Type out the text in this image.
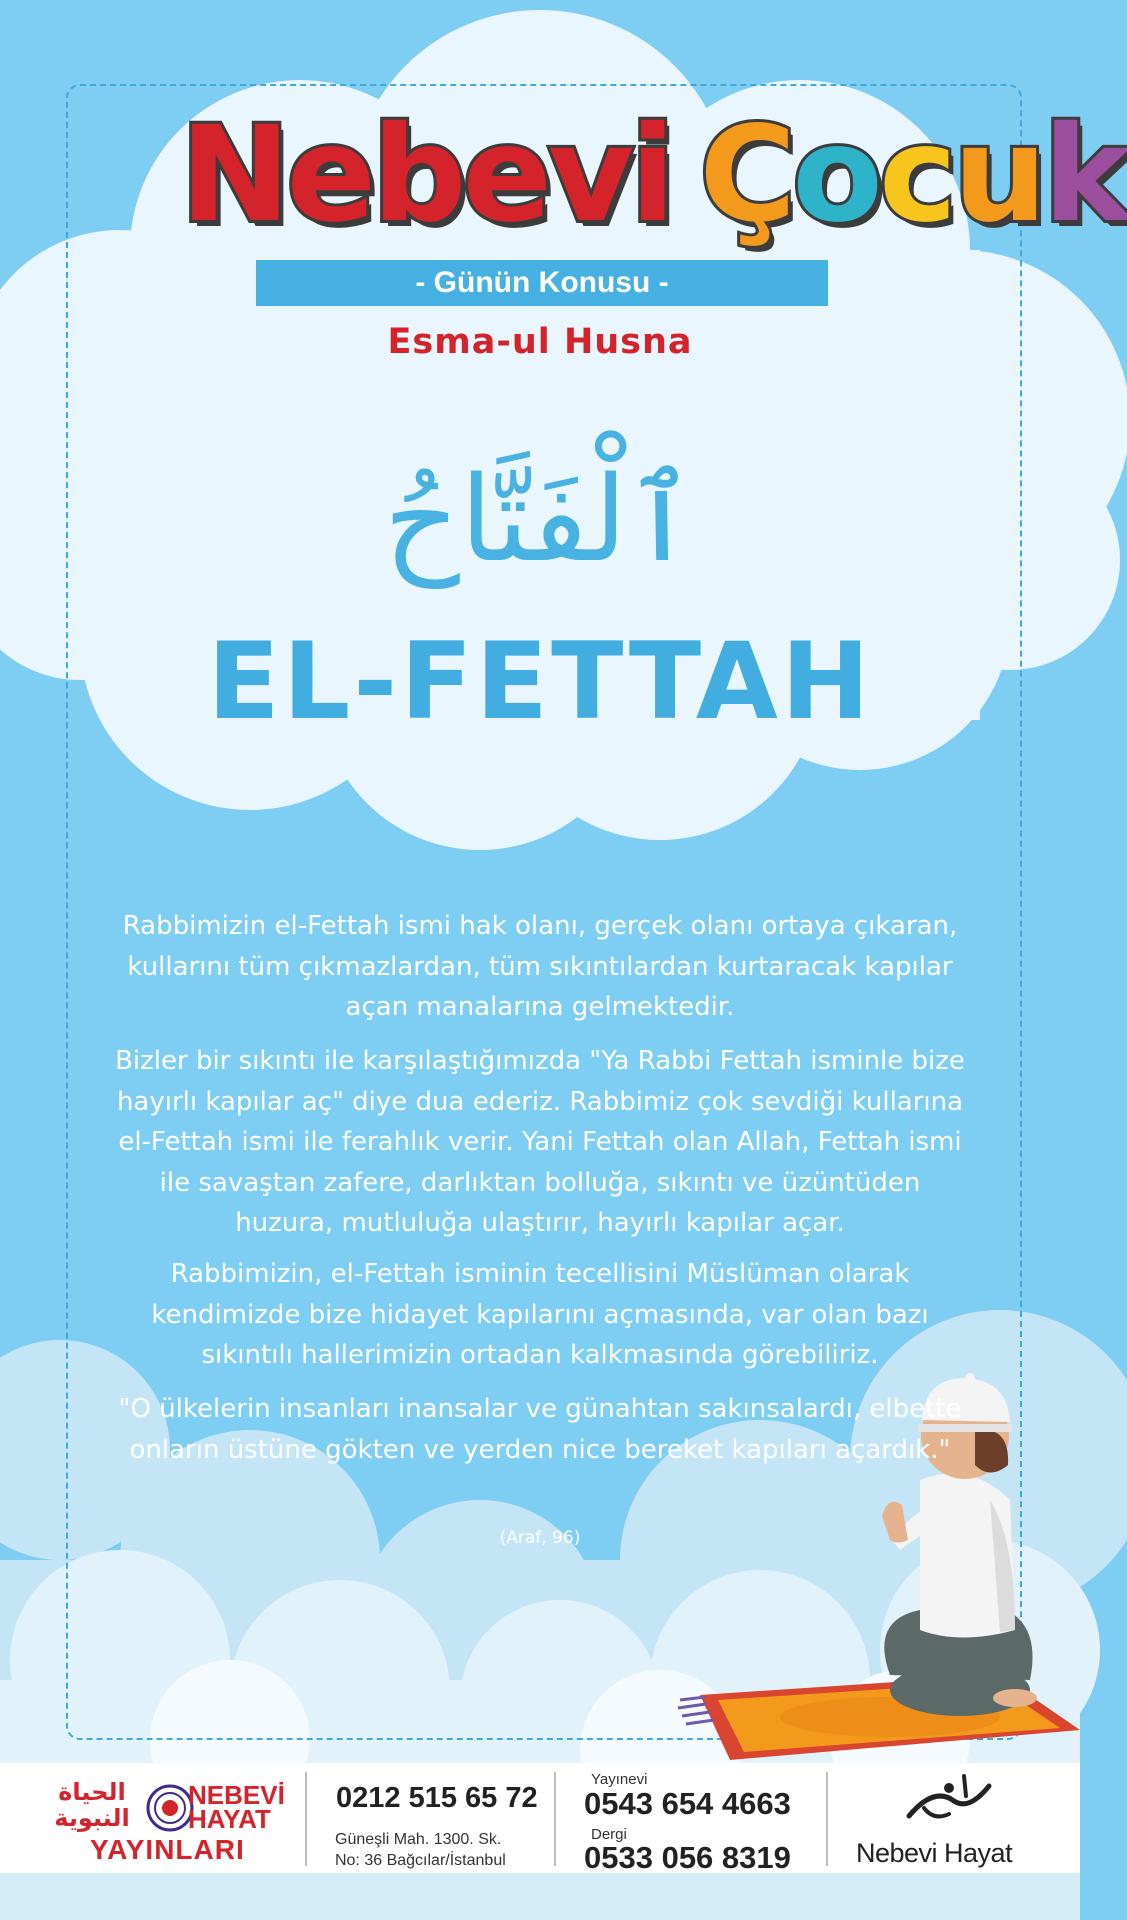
Nebevi Çocuk
- Günün Konusu -
Esma-ul Husna
ٱلْفَتَّاحُ
EL-FETTAH
Rabbimizin el-Fettah ismi hak olanı, gerçek olanı ortaya çıkaran, kullarını tüm çıkmazlardan, tüm sıkıntılardan kurtaracak kapılar açan manalarına gelmektedir.
Bizler bir sıkıntı ile karşılaştığımızda "Ya Rabbi Fettah isminle bize hayırlı kapılar aç" diye dua ederiz. Rabbimiz çok sevdiği kullarına el-Fettah ismi ile ferahlık verir. Yani Fettah olan Allah, Fettah ismi ile savaştan zafere, darlıktan bolluğa, sıkıntı ve üzüntüden huzura, mutluluğa ulaştırır, hayırlı kapılar açar.
Rabbimizin, el-Fettah isminin tecellisini Müslüman olarak kendimizde bize hidayet kapılarını açmasında, var olan bazı sıkıntılı hallerimizin ortadan kalkmasında görebiliriz.
"O ülkelerin insanları inansalar ve günahtan sakınsalardı, elbette onların üstüne gökten ve yerden nice bereket kapıları açardık."
(Araf, 96)
الحياة النبوية
NEBEVİ
HAYAT
YAYINLARI
0212 515 65 72
Güneşli Mah. 1300. Sk.
No: 36 Bağcılar/İstanbul
Yayınevi
0543 654 4663
Dergi
0533 056 8319 Nebevi Hayat
